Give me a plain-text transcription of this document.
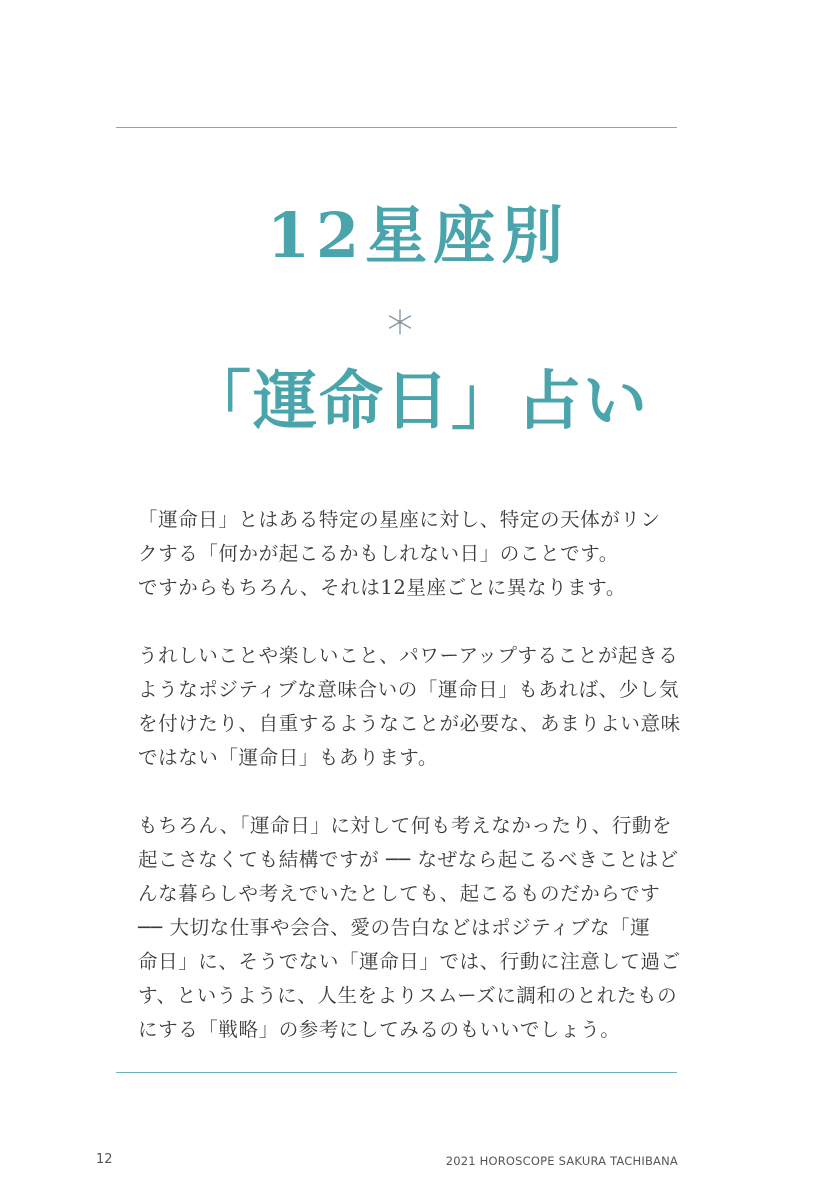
12星座別
「運命日」占い

「運命日」とはある特定の星座に対し、特定の天体がリン
クする「何かが起こるかもしれない日」のことです。
ですからもちろん、それは12星座ごとに異なります。

うれしいことや楽しいこと、パワーアップすることが起きる
ようなポジティブな意味合いの「運命日」もあれば、少し気
を付けたり、自重するようなことが必要な、あまりよい意味
ではない「運命日」もあります。

もちろん、「運命日」に対して何も考えなかったり、行動を
起こさなくても結構ですが ── なぜなら起こるべきことはど
んな暮らしや考えでいたとしても、起こるものだからです
── 大切な仕事や会合、愛の告白などはポジティブな「運
命日」に、そうでない「運命日」では、行動に注意して過ご
す、というように、人生をよりスムーズに調和のとれたもの
にする「戦略」の参考にしてみるのもいいでしょう。

12	2021 HOROSCOPE SAKURA TACHIBANA
